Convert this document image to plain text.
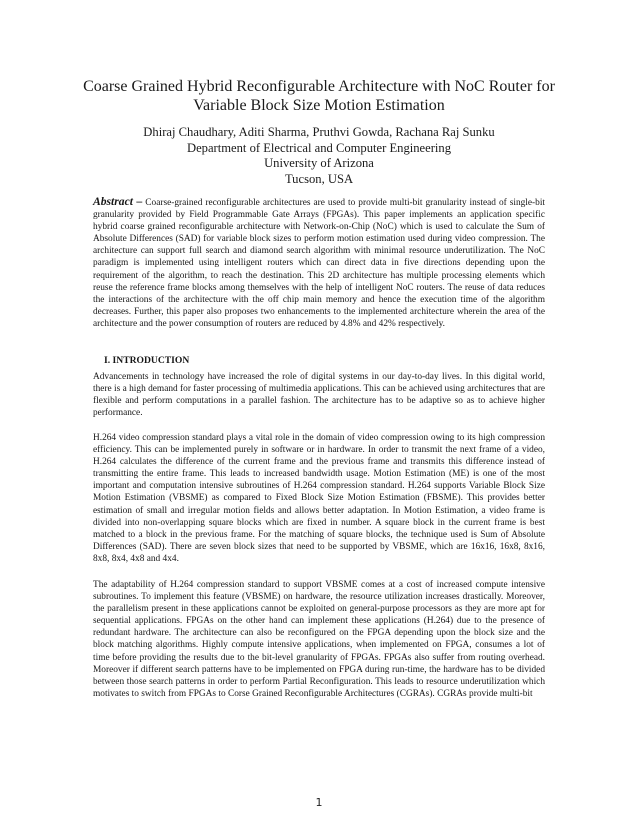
Coarse Grained Hybrid Reconfigurable Architecture with NoC Router for
Variable Block Size Motion Estimation
Dhiraj Chaudhary, Aditi Sharma, Pruthvi Gowda, Rachana Raj Sunku
Department of Electrical and Computer Engineering
University of Arizona
Tucson, USA
Abstract – Coarse-grained reconfigurable architectures are used to provide multi-bit granularity instead of single-bit granularity provided by Field Programmable Gate Arrays (FPGAs). This paper implements an application specific hybrid coarse grained reconfigurable architecture with Network-on-Chip (NoC) which is used to calculate the Sum of Absolute Differences (SAD) for variable block sizes to perform motion estimation used during video compression. The architecture can support full search and diamond search algorithm with minimal resource underutilization. The NoC paradigm is implemented using intelligent routers which can direct data in five directions depending upon the requirement of the algorithm, to reach the destination. This 2D architecture has multiple processing elements which reuse the reference frame blocks among themselves with the help of intelligent NoC routers. The reuse of data reduces the interactions of the architecture with the off chip main memory and hence the execution time of the algorithm decreases. Further, this paper also proposes two enhancements to the implemented architecture wherein the area of the architecture and the power consumption of routers are reduced by 4.8% and 42% respectively.
I. INTRODUCTION

Advancements in technology have increased the role of digital systems in our day-to-day lives. In this digital world, there is a high demand for faster processing of multimedia applications. This can be achieved using architectures that are flexible and perform computations in a parallel fashion. The architecture has to be adaptive so as to achieve higher performance.

H.264 video compression standard plays a vital role in the domain of video compression owing to its high compression efficiency. This can be implemented purely in software or in hardware. In order to transmit the next frame of a video, H.264 calculates the difference of the current frame and the previous frame and transmits this difference instead of transmitting the entire frame. This leads to increased bandwidth usage. Motion Estimation (ME) is one of the most important and computation intensive subroutines of H.264 compression standard. H.264 supports Variable Block Size Motion Estimation (VBSME) as compared to Fixed Block Size Motion Estimation (FBSME). This provides better estimation of small and irregular motion fields and allows better adaptation. In Motion Estimation, a video frame is divided into non-overlapping square blocks which are fixed in number. A square block in the current frame is best matched to a block in the previous frame. For the matching of square blocks, the technique used is Sum of Absolute Differences (SAD). There are seven block sizes that need to be supported by VBSME, which are 16x16, 16x8, 8x16, 8x8, 8x4, 4x8 and 4x4.

The adaptability of H.264 compression standard to support VBSME comes at a cost of increased compute intensive subroutines. To implement this feature (VBSME) on hardware, the resource utilization increases drastically. Moreover, the parallelism present in these applications cannot be exploited on general-purpose processors as they are more apt for sequential applications. FPGAs on the other hand can implement these applications (H.264) due to the presence of redundant hardware. The architecture can also be reconfigured on the FPGA depending upon the block size and the block matching algorithms. Highly compute intensive applications, when implemented on FPGA, consumes a lot of time before providing the results due to the bit-level granularity of FPGAs. FPGAs also suffer from routing overhead. Moreover if different search patterns have to be implemented on FPGA during run-time, the hardware has to be divided between those search patterns in order to perform Partial Reconfiguration. This leads to resource underutilization which motivates to switch from FPGAs to Corse Grained Reconfigurable Architectures (CGRAs). CGRAs provide multi-bit

1
